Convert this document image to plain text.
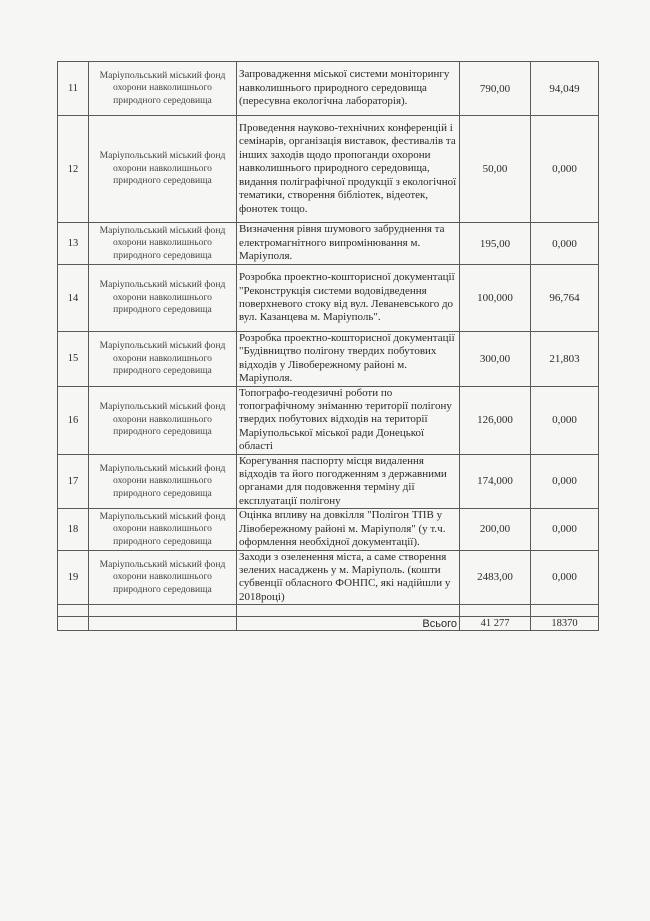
11	Маріупольський міський фонд охорони навколишнього природного середовища	Запровадження міської системи моніторингу навколишнього природного середовища (пересувна екологічна лабораторія).	790,00	94,049
12	Маріупольський міський фонд охорони навколишнього природного середовища	Проведення науково-технічних конференцій і семінарів, організація виставок, фестивалів та інших заходів щодо пропоганди охорони навколишнього природного середовища, видання поліграфічної продукції з екологічної тематики, створення бібліотек, відеотек, фонотек тощо.	50,00	0,000
13	Маріупольський міський фонд охорони навколишнього природного середовища	Визначення рівня шумового забруднення та електромагнітного випромінювання м. Маріуполя.	195,00	0,000
14	Маріупольський міський фонд охорони навколишнього природного середовища	Розробка проектно-кошторисної документації "Реконструкція системи водовідведення поверхневого стоку від вул. Леваневського до вул. Казанцева м. Маріуполь".	100,000	96,764
15	Маріупольський міський фонд охорони навколишнього природного середовища	Розробка проектно-кошторисної документації "Будівництво полігону твердих побутових відходів у Лівобережному районі м. Маріуполя.	300,00	21,803
16	Маріупольський міський фонд охорони навколишнього природного середовища	Топографо-геодезичні роботи по топографічному зніманню території полігону твердих побутових відходів на території Маріупольської міської ради Донецької області	126,000	0,000
17	Маріупольський міський фонд охорони навколишнього природного середовища	Корегування паспорту місця видалення відходів та його погодженням з державними органами для подовження терміну дії експлуатації полігону	174,000	0,000
18	Маріупольський міський фонд охорони навколишнього природного середовища	Оцінка впливу на довкілля "Полігон ТПВ у Лівобережному районі м. Маріуполя" (у т.ч. оформлення необхідної документації).	200,00	0,000
19	Маріупольський міський фонд охорони навколишнього природного середовища	Заходи з озеленення міста, а саме створення зелених насаджень у м. Маріуполь. (кошти субвенції обласного ФОНПС, які надійшли у 2018році)	2483,00	0,000

		Всього	41 277	18370
